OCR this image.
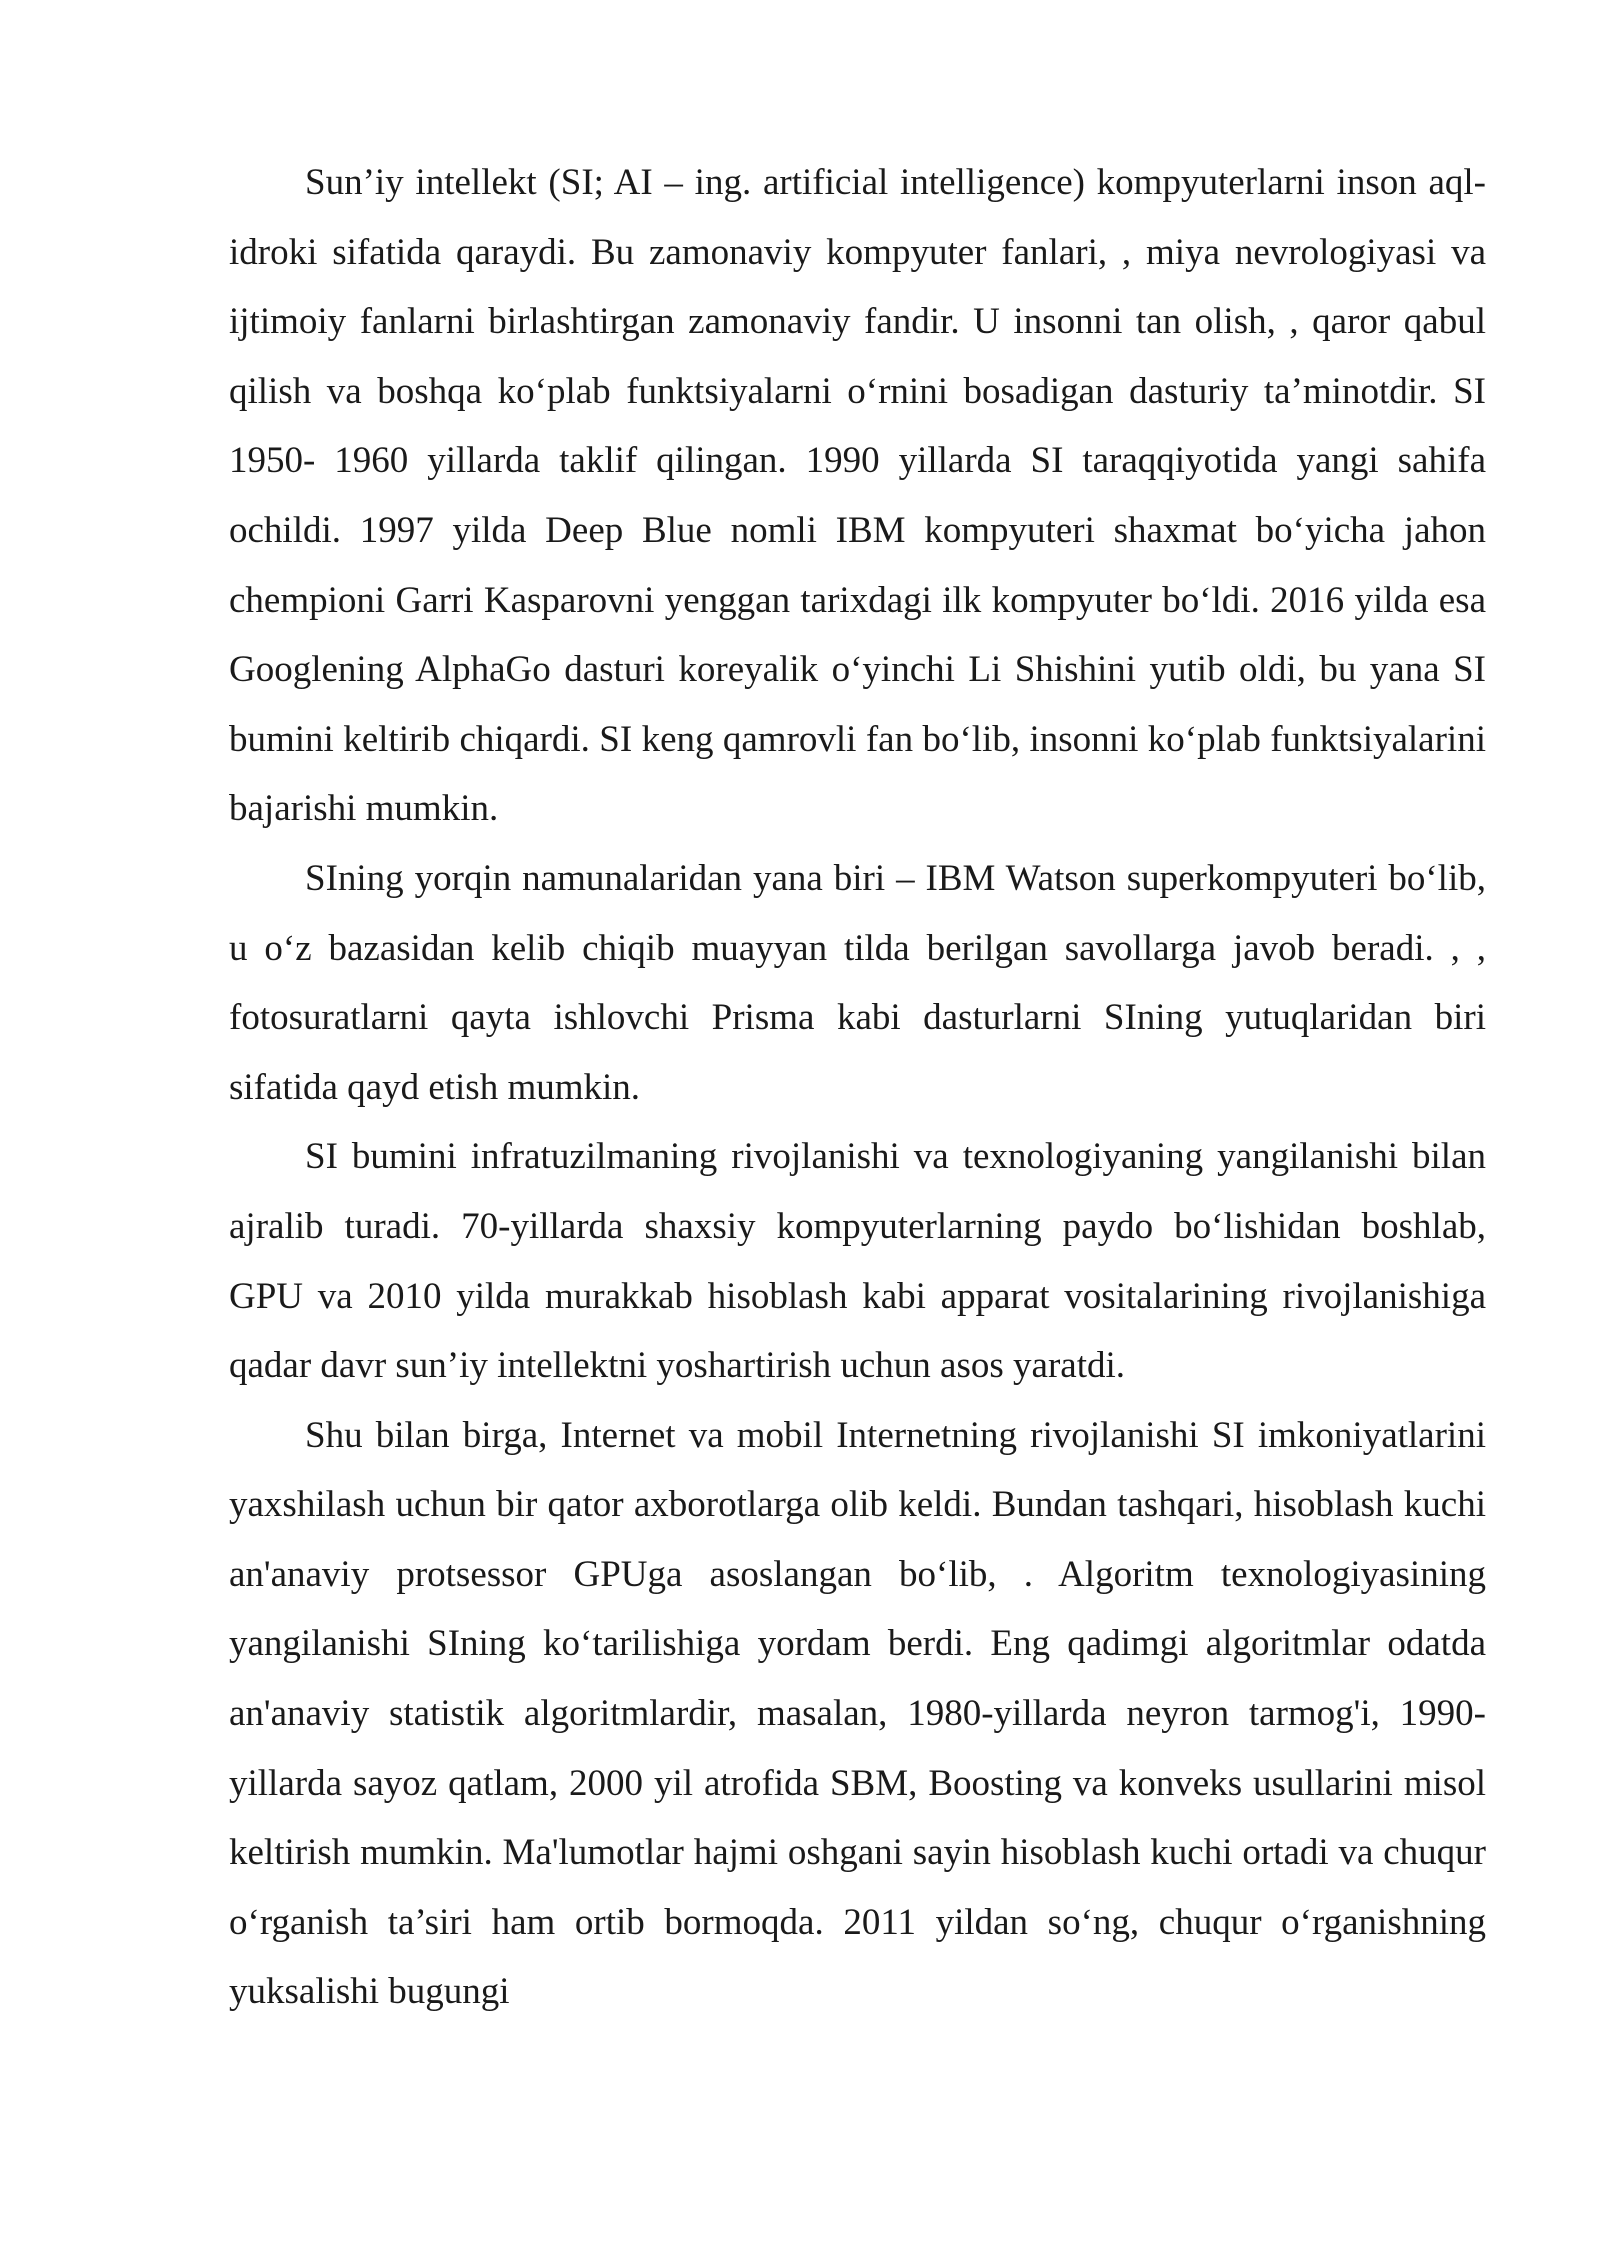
Sun’iy intellekt (SI; AI – ing. artificial intelligence) kompyuterlarni inson aql-idroki sifatida qaraydi. Bu zamonaviy kompyuter fanlari, , miya nevrologiyasi va ijtimoiy fanlarni birlashtirgan zamonaviy fandir. U insonni tan olish, , qaror qabul qilish va boshqa ko‘plab funktsiyalarni o‘rnini bosadigan dasturiy ta’minotdir. SI 1950- 1960 yillarda taklif qilingan. 1990 yillarda SI taraqqiyotida yangi sahifa ochildi. 1997 yilda Deep Blue nomli IBM kompyuteri shaxmat bo‘yicha jahon chempioni Garri Kasparovni yenggan tarixdagi ilk kompyuter bo‘ldi. 2016 yilda esa Googlening AlphaGo dasturi koreyalik o‘yinchi Li Shishini yutib oldi, bu yana SI bumini keltirib chiqardi. SI keng qamrovli fan bo‘lib, insonni ko‘plab funktsiyalarini bajarishi mumkin.

SIning yorqin namunalaridan yana biri – IBM Watson superkompyuteri bo‘lib, u o‘z bazasidan kelib chiqib muayyan tilda berilgan savollarga javob beradi. , , fotosuratlarni qayta ishlovchi Prisma kabi dasturlarni SIning yutuqlaridan biri sifatida qayd etish mumkin.

SI bumini infratuzilmaning rivojlanishi va texnologiyaning yangilanishi bilan ajralib turadi. 70-yillarda shaxsiy kompyuterlarning paydo bo‘lishidan boshlab, GPU va 2010 yilda murakkab hisoblash kabi apparat vositalarining rivojlanishiga qadar davr sun’iy intellektni yoshartirish uchun asos yaratdi.

Shu bilan birga, Internet va mobil Internetning rivojlanishi SI imkoniyatlarini yaxshilash uchun bir qator axborotlarga olib keldi. Bundan tashqari, hisoblash kuchi an'anaviy protsessor GPUga asoslangan bo‘lib, . Algoritm texnologiyasining yangilanishi SIning ko‘tarilishiga yordam berdi. Eng qadimgi algoritmlar odatda an'anaviy statistik algoritmlardir, masalan, 1980-yillarda neyron tarmog'i, 1990- yillarda sayoz qatlam, 2000 yil atrofida SBM, Boosting va konveks usullarini misol keltirish mumkin. Ma'lumotlar hajmi oshgani sayin hisoblash kuchi ortadi va chuqur o‘rganish ta’siri ham ortib bormoqda. 2011 yildan so‘ng, chuqur o‘rganishning yuksalishi bugungi
